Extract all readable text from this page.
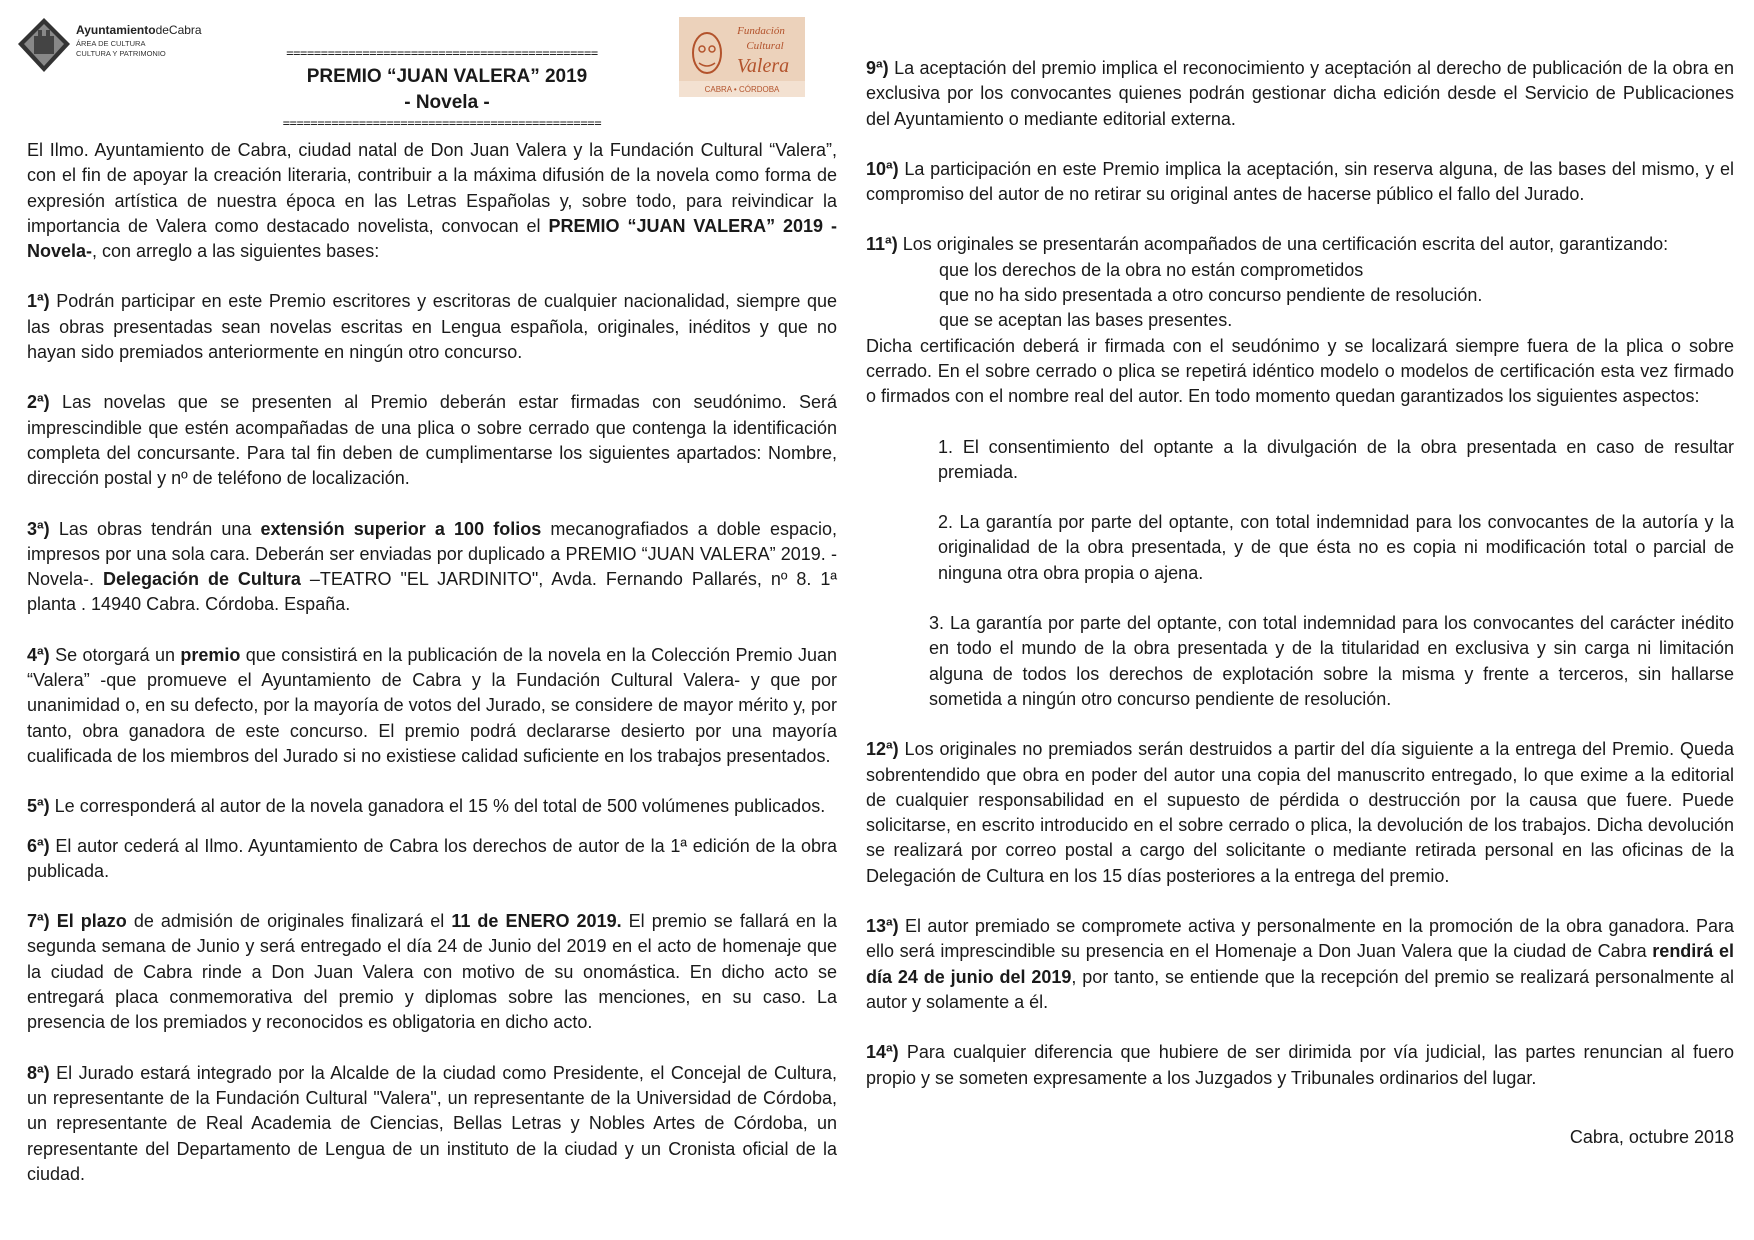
AyuntamientodeCabra
ÁREA DE CULTURA
CULTURA Y PATRIMONIO
Fundación
Cultural
Valera
CABRA • CÓRDOBA
=============================================
PREMIO “JUAN VALERA” 2019
- Novela -
==============================================

El Ilmo. Ayuntamiento de Cabra, ciudad natal de Don Juan Valera y la Fundación Cultural “Valera”, con el fin de apoyar la creación literaria, contribuir a la máxima difusión de la novela como forma de expresión artística de nuestra época en las Letras Españolas y, sobre todo, para reivindicar la importancia de Valera como destacado novelista, convocan el PREMIO “JUAN VALERA” 2019 -Novela-, con arreglo a las siguientes bases:

1ª) Podrán participar en este Premio escritores y escritoras de cualquier nacionalidad, siempre que las obras presentadas sean novelas escritas en Lengua española, originales, inéditos y que no hayan sido premiados anteriormente en ningún otro concurso.

2ª) Las novelas que se presenten al Premio deberán estar firmadas con seudónimo. Será imprescindible que estén acompañadas de una plica o sobre cerrado que contenga la identificación completa del concursante. Para tal fin deben de cumplimentarse los siguientes apartados: Nombre, dirección postal y nº de teléfono de localización.

3ª) Las obras tendrán una extensión superior a 100 folios mecanografiados a doble espacio, impresos por una sola cara. Deberán ser enviadas por duplicado a PREMIO “JUAN VALERA” 2019. -Novela-. Delegación de Cultura –TEATRO "EL JARDINITO", Avda. Fernando Pallarés, nº 8. 1ª planta . 14940 Cabra. Córdoba. España.

4ª) Se otorgará un premio que consistirá en la publicación de la novela en la Colección Premio Juan “Valera” -que promueve el Ayuntamiento de Cabra y la Fundación Cultural Valera- y que por unanimidad o, en su defecto, por la mayoría de votos del Jurado, se considere de mayor mérito y, por tanto, obra ganadora de este concurso. El premio podrá declararse desierto por una mayoría cualificada de los miembros del Jurado si no existiese calidad suficiente en los trabajos presentados.

5ª) Le corresponderá al autor de la novela ganadora el 15 % del total de 500 volúmenes publicados.

6ª) El autor cederá al Ilmo. Ayuntamiento de Cabra los derechos de autor de la 1ª edición de la obra publicada.

7ª) El plazo de admisión de originales finalizará el 11 de ENERO 2019. El premio se fallará en la segunda semana de Junio y será entregado el día 24 de Junio del 2019 en el acto de homenaje que la ciudad de Cabra rinde a Don Juan Valera con motivo de su onomástica. En dicho acto se entregará placa conmemorativa del premio y diplomas sobre las menciones, en su caso. La presencia de los premiados y reconocidos es obligatoria en dicho acto.

8ª) El Jurado estará integrado por la Alcalde de la ciudad como Presidente, el Concejal de Cultura, un representante de la Fundación Cultural "Valera", un representante de la Universidad de Córdoba, un representante de Real Academia de Ciencias, Bellas Letras y Nobles Artes de Córdoba, un representante del Departamento de Lengua de un instituto de la ciudad y un Cronista oficial de la ciudad.

9ª) La aceptación del premio implica el reconocimiento y aceptación al derecho de publicación de la obra en exclusiva por los convocantes quienes podrán gestionar dicha edición desde el Servicio de Publicaciones del Ayuntamiento o mediante editorial externa.

10ª) La participación en este Premio implica la aceptación, sin reserva alguna, de las bases del mismo, y el compromiso del autor de no retirar su original antes de hacerse público el fallo del Jurado.

11ª) Los originales se presentarán acompañados de una certificación escrita del autor, garantizando:

que los derechos de la obra no están comprometidos

que no ha sido presentada a otro concurso pendiente de resolución.

que se aceptan las bases presentes.

Dicha certificación deberá ir firmada con el seudónimo y se localizará siempre fuera de la plica o sobre cerrado. En el sobre cerrado o plica se repetirá idéntico modelo o modelos de certificación esta vez firmado o firmados con el nombre real del autor. En todo momento quedan garantizados los siguientes aspectos:

1. El consentimiento del optante a la divulgación de la obra presentada en caso de resultar premiada.

2. La garantía por parte del optante, con total indemnidad para los convocantes de la autoría y la originalidad de la obra presentada, y de que ésta no es copia ni modificación total o parcial de ninguna otra obra propia o ajena.

3. La garantía por parte del optante, con total indemnidad para los convocantes del carácter inédito en todo el mundo de la obra presentada y de la titularidad en exclusiva y sin carga ni limitación alguna de todos los derechos de explotación sobre la misma y frente a terceros, sin hallarse sometida a ningún otro concurso pendiente de resolución.

12ª) Los originales no premiados serán destruidos a partir del día siguiente a la entrega del Premio. Queda sobrentendido que obra en poder del autor una copia del manuscrito entregado, lo que exime a la editorial de cualquier responsabilidad en el supuesto de pérdida o destrucción por la causa que fuere. Puede solicitarse, en escrito introducido en el sobre cerrado o plica, la devolución de los trabajos. Dicha devolución se realizará por correo postal a cargo del solicitante o mediante retirada personal en las oficinas de la Delegación de Cultura en los 15 días posteriores a la entrega del premio.

13ª) El autor premiado se compromete activa y personalmente en la promoción de la obra ganadora. Para ello será imprescindible su presencia en el Homenaje a Don Juan Valera que la ciudad de Cabra rendirá el día 24 de junio del 2019, por tanto, se entiende que la recepción del premio se realizará personalmente al autor y solamente a él.

14ª) Para cualquier diferencia que hubiere de ser dirimida por vía judicial, las partes renuncian al fuero propio y se someten expresamente a los Juzgados y Tribunales ordinarios del lugar.

Cabra, octubre 2018
